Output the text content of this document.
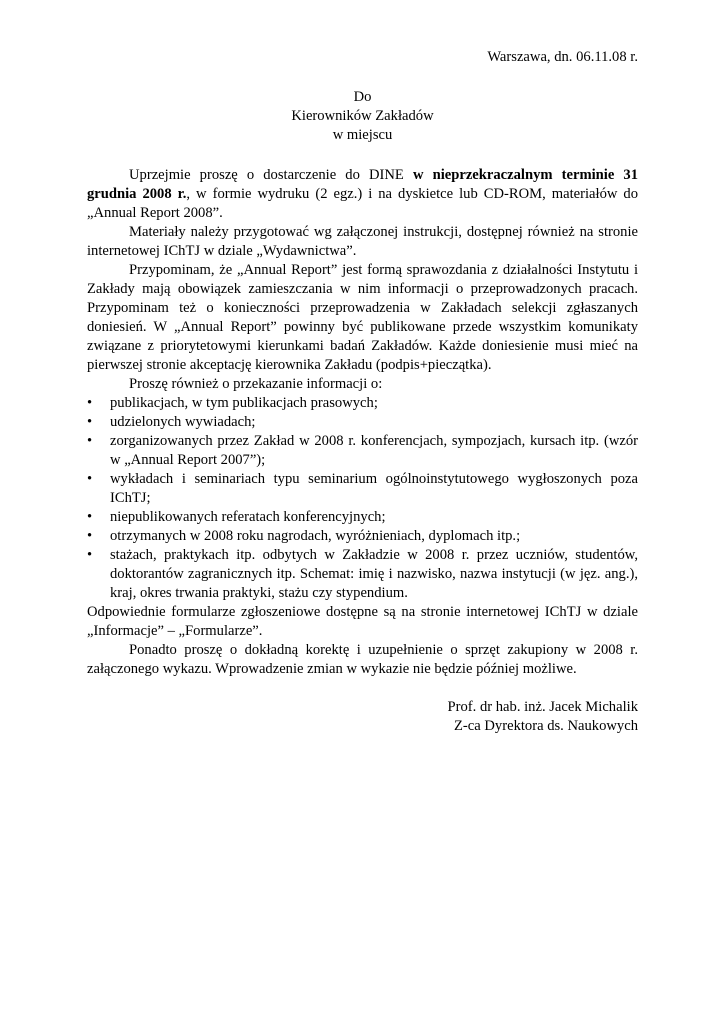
Warszawa, dn. 06.11.08 r.

Do
Kierowników Zakładów
w miejscu

Uprzejmie proszę o dostarczenie do DINE w nieprzekraczalnym terminie 31 grudnia 2008 r., w formie wydruku (2 egz.) i na dyskietce lub CD-ROM, materiałów do „Annual Report 2008”.

Materiały należy przygotować wg załączonej instrukcji, dostępnej również na stronie internetowej IChTJ w dziale „Wydawnictwa”.

Przypominam, że „Annual Report” jest formą sprawozdania z działalności Instytutu i Zakłady mają obowiązek zamieszczania w nim informacji o przeprowadzonych pracach. Przypominam też o konieczności przeprowadzenia w Zakładach selekcji zgłaszanych doniesień. W „Annual Report” powinny być publikowane przede wszystkim komunikaty związane z priorytetowymi kierunkami badań Zakładów. Każde doniesienie musi mieć na pierwszej stronie akceptację kierownika Zakładu (podpis+pieczątka).

Proszę również o przekazanie informacji o:

•	publikacjach, w tym publikacjach prasowych;
•	udzielonych wywiadach;
•	zorganizowanych przez Zakład w 2008 r. konferencjach, sympozjach, kursach itp. (wzór w „Annual Report 2007”);
•	wykładach i seminariach typu seminarium ogólnoinstytutowego wygłoszonych poza IChTJ;
•	niepublikowanych referatach konferencyjnych;
•	otrzymanych w 2008 roku nagrodach, wyróżnieniach, dyplomach itp.;
•	stażach, praktykach itp. odbytych w Zakładzie w 2008 r. przez uczniów, studentów, doktorantów zagranicznych itp. Schemat: imię i nazwisko, nazwa instytucji (w jęz. ang.), kraj, okres trwania praktyki, stażu czy stypendium.

Odpowiednie formularze zgłoszeniowe dostępne są na stronie internetowej IChTJ w dziale „Informacje” – „Formularze”.

Ponadto proszę o dokładną korektę i uzupełnienie o sprzęt zakupiony w 2008 r. załączonego wykazu. Wprowadzenie zmian w wykazie nie będzie później możliwe.

Prof. dr hab. inż. Jacek Michalik
Z-ca Dyrektora ds. Naukowych
